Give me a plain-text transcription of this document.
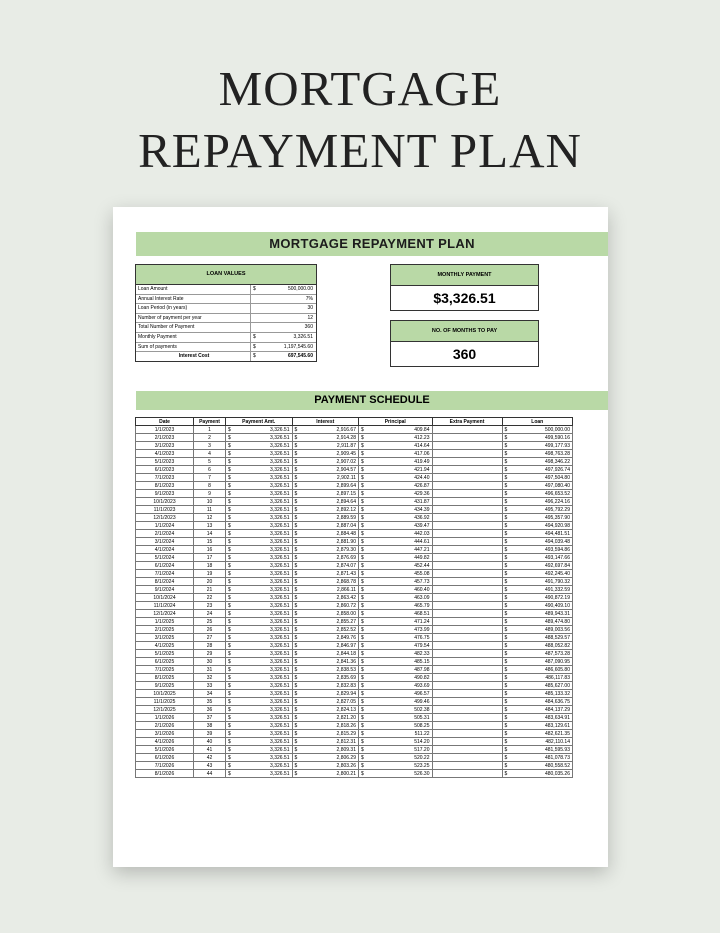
MORTGAGE
REPAYMENT PLAN
MORTGAGE REPAYMENT PLAN
LOAN VALUES
Loan Amount	$	500,000.00
Annual Interest Rate	7%
Loan Period (in years)	30
Number of payment per year	12
Total Number of Payment	360
Monthly Payment	$	3,326.51
Sum of payments	$	1,197,545.60
Interest Cost	$	697,545.60
MONTHLY PAYMENT
$3,326.51
NO. OF MONTHS TO PAY
360
PAYMENT SCHEDULE
Date	Payment	Payment Amt.		Interest		Principal		Extra Payment	Loan	
1/1/2023	1	$	3,326.51	$	2,916.67	$	409.84		$	500,000.00
2/1/2023	2	$	3,326.51	$	2,914.28	$	412.23		$	499,590.16
3/1/2023	3	$	3,326.51	$	2,911.87	$	414.64		$	499,177.93
4/1/2023	4	$	3,326.51	$	2,909.45	$	417.06		$	498,763.28
5/1/2023	5	$	3,326.51	$	2,907.02	$	419.49		$	498,346.22
6/1/2023	6	$	3,326.51	$	2,904.57	$	421.94		$	497,926.74
7/1/2023	7	$	3,326.51	$	2,902.11	$	424.40		$	497,504.80
8/1/2023	8	$	3,326.51	$	2,899.64	$	426.87		$	497,080.40
9/1/2023	9	$	3,326.51	$	2,897.15	$	429.36		$	496,653.52
10/1/2023	10	$	3,326.51	$	2,894.64	$	431.87		$	496,224.16
11/1/2023	11	$	3,326.51	$	2,892.12	$	434.39		$	495,792.29
12/1/2023	12	$	3,326.51	$	2,889.59	$	436.92		$	495,357.90
1/1/2024	13	$	3,326.51	$	2,887.04	$	439.47		$	494,920.98
2/1/2024	14	$	3,326.51	$	2,884.48	$	442.03		$	494,481.51
3/1/2024	15	$	3,326.51	$	2,881.90	$	444.61		$	494,039.48
4/1/2024	16	$	3,326.51	$	2,879.30	$	447.21		$	493,594.86
5/1/2024	17	$	3,326.51	$	2,876.69	$	449.82		$	493,147.66
6/1/2024	18	$	3,326.51	$	2,874.07	$	452.44		$	492,697.84
7/1/2024	19	$	3,326.51	$	2,871.43	$	455.08		$	492,245.40
8/1/2024	20	$	3,326.51	$	2,868.78	$	457.73		$	491,790.32
9/1/2024	21	$	3,326.51	$	2,866.11	$	460.40		$	491,332.59
10/1/2024	22	$	3,326.51	$	2,863.42	$	463.09		$	490,872.19
11/1/2024	23	$	3,326.51	$	2,860.72	$	465.79		$	490,409.10
12/1/2024	24	$	3,326.51	$	2,858.00	$	468.51		$	489,943.31
1/1/2025	25	$	3,326.51	$	2,855.27	$	471.24		$	489,474.80
2/1/2025	26	$	3,326.51	$	2,852.52	$	473.99		$	489,003.56
3/1/2025	27	$	3,326.51	$	2,849.76	$	476.75		$	488,529.57
4/1/2025	28	$	3,326.51	$	2,846.97	$	479.54		$	488,052.82
5/1/2025	29	$	3,326.51	$	2,844.18	$	482.33		$	487,573.28
6/1/2025	30	$	3,326.51	$	2,841.36	$	485.15		$	487,090.95
7/1/2025	31	$	3,326.51	$	2,838.53	$	487.98		$	486,605.80
8/1/2025	32	$	3,326.51	$	2,835.69	$	490.82		$	486,117.83
9/1/2025	33	$	3,326.51	$	2,832.83	$	493.69		$	485,627.00
10/1/2025	34	$	3,326.51	$	2,829.94	$	496.57		$	485,133.32
11/1/2025	35	$	3,326.51	$	2,827.05	$	499.46		$	484,636.75
12/1/2025	36	$	3,326.51	$	2,824.13	$	502.38		$	484,137.29
1/1/2026	37	$	3,326.51	$	2,821.20	$	505.31		$	483,634.91
2/1/2026	38	$	3,326.51	$	2,818.26	$	508.25		$	483,129.61
3/1/2026	39	$	3,326.51	$	2,815.29	$	511.22		$	482,621.35
4/1/2026	40	$	3,326.51	$	2,812.31	$	514.20		$	482,110.14
5/1/2026	41	$	3,326.51	$	2,809.31	$	517.20		$	481,595.93
6/1/2026	42	$	3,326.51	$	2,806.29	$	520.22		$	481,078.73
7/1/2026	43	$	3,326.51	$	2,803.26	$	523.25		$	480,558.52
8/1/2026	44	$	3,326.51	$	2,800.21	$	526.30		$	480,035.26
